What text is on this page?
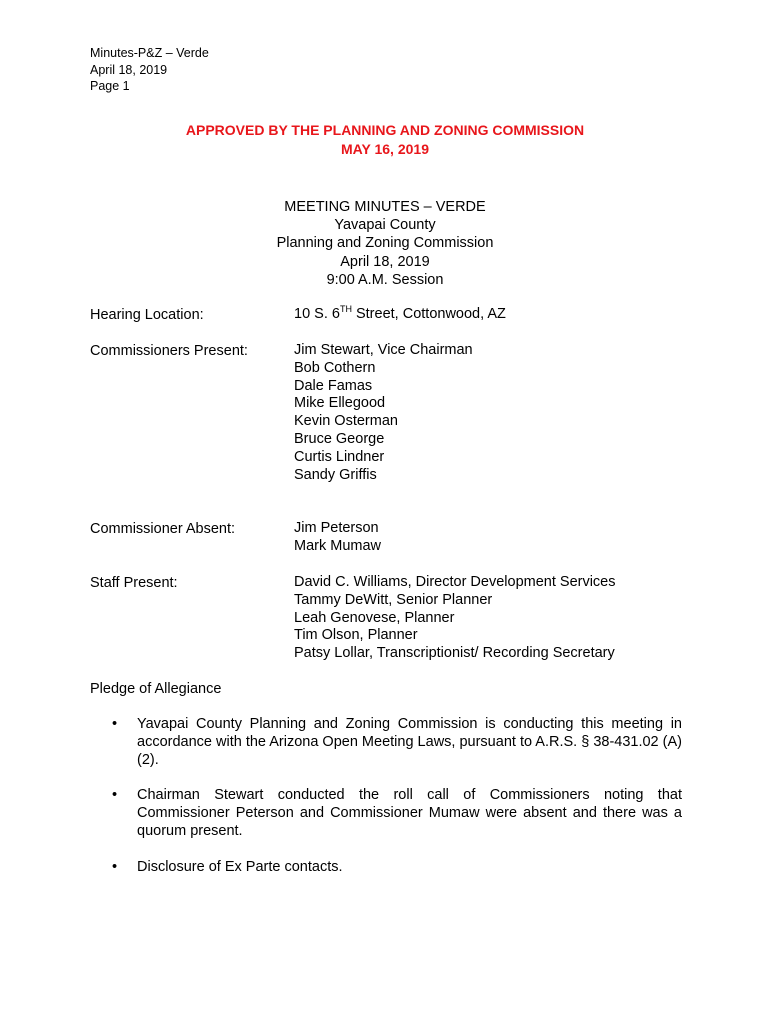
Minutes-P&Z – Verde
April 18, 2019
Page 1
APPROVED BY THE PLANNING AND ZONING COMMISSION
MAY 16, 2019
MEETING MINUTES – VERDE
Yavapai County
Planning and Zoning Commission
April 18, 2019
9:00 A.M. Session
Hearing Location:	10 S. 6TH Street, Cottonwood, AZ
Commissioners Present:	Jim Stewart, Vice Chairman
Bob Cothern
Dale Famas
Mike Ellegood
Kevin Osterman
Bruce George
Curtis Lindner
Sandy Griffis
Commissioner Absent:	Jim Peterson
Mark Mumaw
Staff Present:	David C. Williams, Director Development Services
Tammy DeWitt, Senior Planner
Leah Genovese, Planner
Tim Olson, Planner
Patsy Lollar, Transcriptionist/ Recording Secretary
Pledge of Allegiance
• Yavapai County Planning and Zoning Commission is conducting this meeting in accordance with the Arizona Open Meeting Laws, pursuant to A.R.S. § 38-431.02 (A) (2).
• Chairman Stewart conducted the roll call of Commissioners noting that Commissioner Peterson and Commissioner Mumaw were absent and there was a quorum present.
• Disclosure of Ex Parte contacts.
